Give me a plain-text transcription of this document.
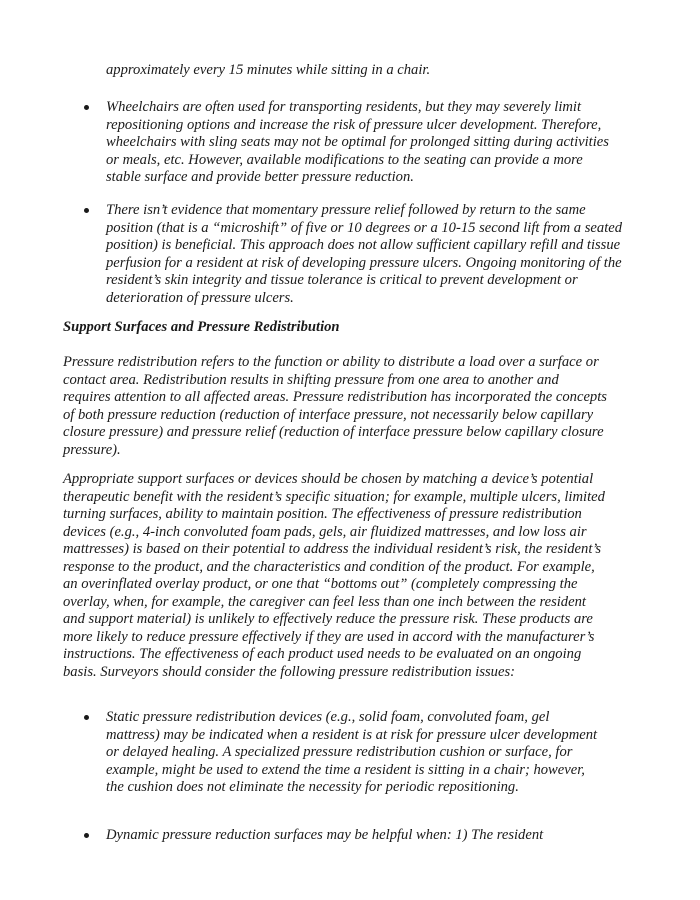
approximately every 15 minutes while sitting in a chair.

Wheelchairs are often used for transporting residents, but they may severely limit repositioning options and increase the risk of pressure ulcer development. Therefore, wheelchairs with sling seats may not be optimal for prolonged sitting during activities or meals, etc. However, available modifications to the seating can provide a more stable surface and provide better pressure reduction.
There isn’t evidence that momentary pressure relief followed by return to the same position (that is a “microshift” of five or 10 degrees or a 10-15 second lift from a seated position) is beneficial. This approach does not allow sufficient capillary refill and tissue perfusion for a resident at risk of developing pressure ulcers. Ongoing monitoring of the resident’s skin integrity and tissue tolerance is critical to prevent development or deterioration of pressure ulcers.

Support Surfaces and Pressure Redistribution

Pressure redistribution refers to the function or ability to distribute a load over a surface or contact area. Redistribution results in shifting pressure from one area to another and requires attention to all affected areas. Pressure redistribution has incorporated the concepts of both pressure reduction (reduction of interface pressure, not necessarily below capillary closure pressure) and pressure relief (reduction of interface pressure below capillary closure pressure).

Appropriate support surfaces or devices should be chosen by matching a device’s potential therapeutic benefit with the resident’s specific situation; for example, multiple ulcers, limited turning surfaces, ability to maintain position. The effectiveness of pressure redistribution devices (e.g., 4-inch convoluted foam pads, gels, air fluidized mattresses, and low loss air mattresses) is based on their potential to address the individual resident’s risk, the resident’s response to the product, and the characteristics and condition of the product. For example, an overinflated overlay product, or one that “bottoms out” (completely compressing the overlay, when, for example, the caregiver can feel less than one inch between the resident and support material) is unlikely to effectively reduce the pressure risk. These products are more likely to reduce pressure effectively if they are used in accord with the manufacturer’s instructions. The effectiveness of each product used needs to be evaluated on an ongoing basis. Surveyors should consider the following pressure redistribution issues:

Static pressure redistribution devices (e.g., solid foam, convoluted foam, gel mattress) may be indicated when a resident is at risk for pressure ulcer development or delayed healing. A specialized pressure redistribution cushion or surface, for example, might be used to extend the time a resident is sitting in a chair; however, the cushion does not eliminate the necessity for periodic repositioning.
Dynamic pressure reduction surfaces may be helpful when: 1) The resident
